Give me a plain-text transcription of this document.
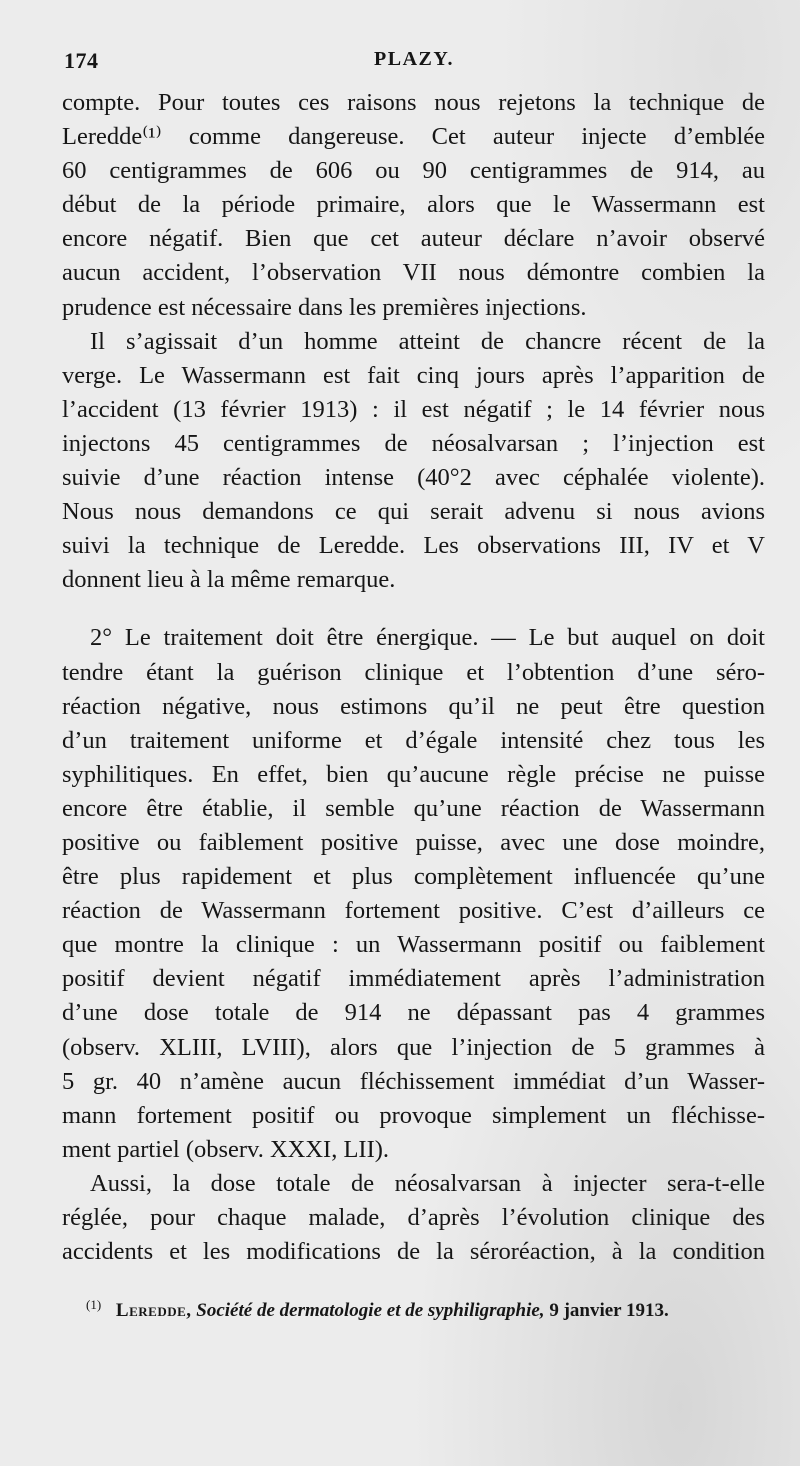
174	PLAZY.
compte. Pour toutes ces raisons nous rejetons la technique de
Leredde⁽¹⁾ comme dangereuse. Cet auteur injecte d’emblée
60 centigrammes de 606 ou 90 centigrammes de 914, au
début de la période primaire, alors que le Wassermann est
encore négatif. Bien que cet auteur déclare n’avoir observé
aucun accident, l’observation VII nous démontre combien la
prudence est nécessaire dans les premières injections.
Il s’agissait d’un homme atteint de chancre récent de la
verge. Le Wassermann est fait cinq jours après l’apparition de
l’accident (13 février 1913) : il est négatif ; le 14 février nous
injectons 45 centigrammes de néosalvarsan ; l’injection est
suivie d’une réaction intense (40°2 avec céphalée violente).
Nous nous demandons ce qui serait advenu si nous avions
suivi la technique de Leredde. Les observations III, IV et V
donnent lieu à la même remarque.
2° Le traitement doit être énergique. — Le but auquel on doit
tendre étant la guérison clinique et l’obtention d’une séro-
réaction négative, nous estimons qu’il ne peut être question
d’un traitement uniforme et d’égale intensité chez tous les
syphilitiques. En effet, bien qu’aucune règle précise ne puisse
encore être établie, il semble qu’une réaction de Wassermann
positive ou faiblement positive puisse, avec une dose moindre,
être plus rapidement et plus complètement influencée qu’une
réaction de Wassermann fortement positive. C’est d’ailleurs ce
que montre la clinique : un Wassermann positif ou faiblement
positif devient négatif immédiatement après l’administration
d’une dose totale de 914 ne dépassant pas 4 grammes
(observ. XLIII, LVIII), alors que l’injection de 5 grammes à
5 gr. 40 n’amène aucun fléchissement immédiat d’un Wasser-
mann fortement positif ou provoque simplement un fléchisse-
ment partiel (observ. XXXI, LII).
Aussi, la dose totale de néosalvarsan à injecter sera-t-elle
réglée, pour chaque malade, d’après l’évolution clinique des
accidents et les modifications de la séroréaction, à la condition
$^{(1)}$ Leredde, Société de dermatologie et de syphiligraphie, 9 janvier 1913.
